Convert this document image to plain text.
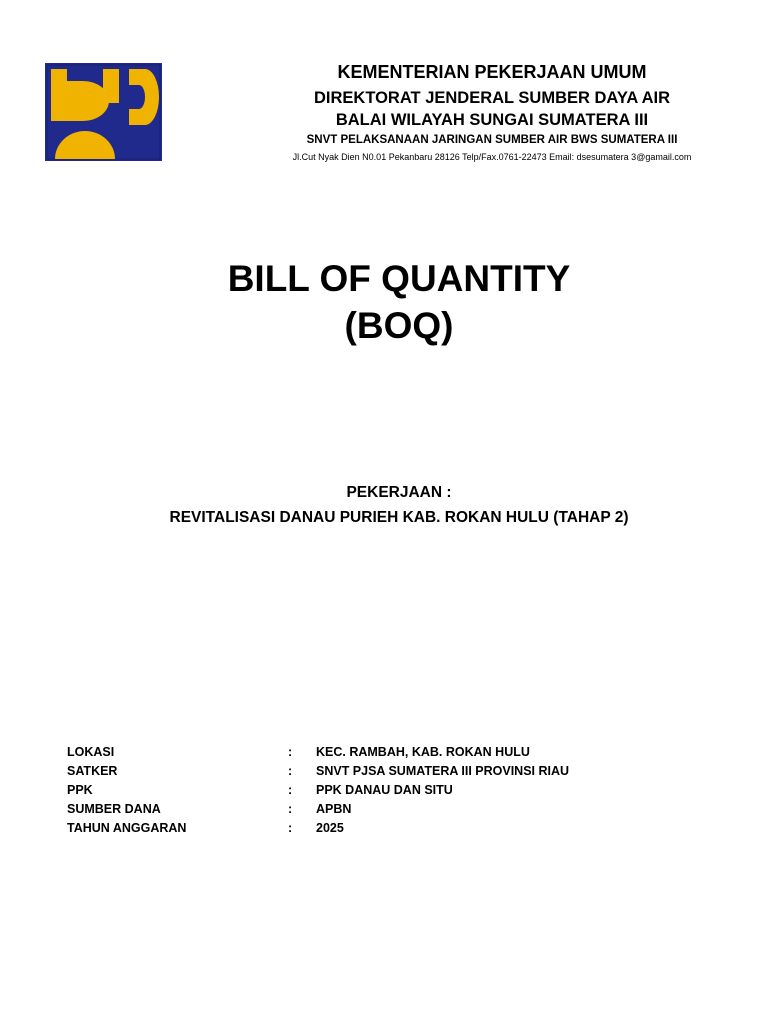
KEMENTERIAN PEKERJAAN UMUM
DIREKTORAT JENDERAL SUMBER DAYA AIR
BALAI WILAYAH SUNGAI SUMATERA III
SNVT PELAKSANAAN JARINGAN SUMBER AIR BWS SUMATERA III
Jl.Cut Nyak Dien N0.01 Pekanbaru 28126 Telp/Fax.0761-22473 Email: dsesumatera 3@gamail.com
BILL OF QUANTITY
(BOQ)
PEKERJAAN :
REVITALISASI DANAU PURIEH KAB. ROKAN HULU (TAHAP 2)
LOKASI	: KEC. RAMBAH, KAB. ROKAN HULU
SATKER	: SNVT PJSA SUMATERA III PROVINSI RIAU
PPK	: PPK DANAU DAN SITU
SUMBER DANA	: APBN
TAHUN ANGGARAN	: 2025
